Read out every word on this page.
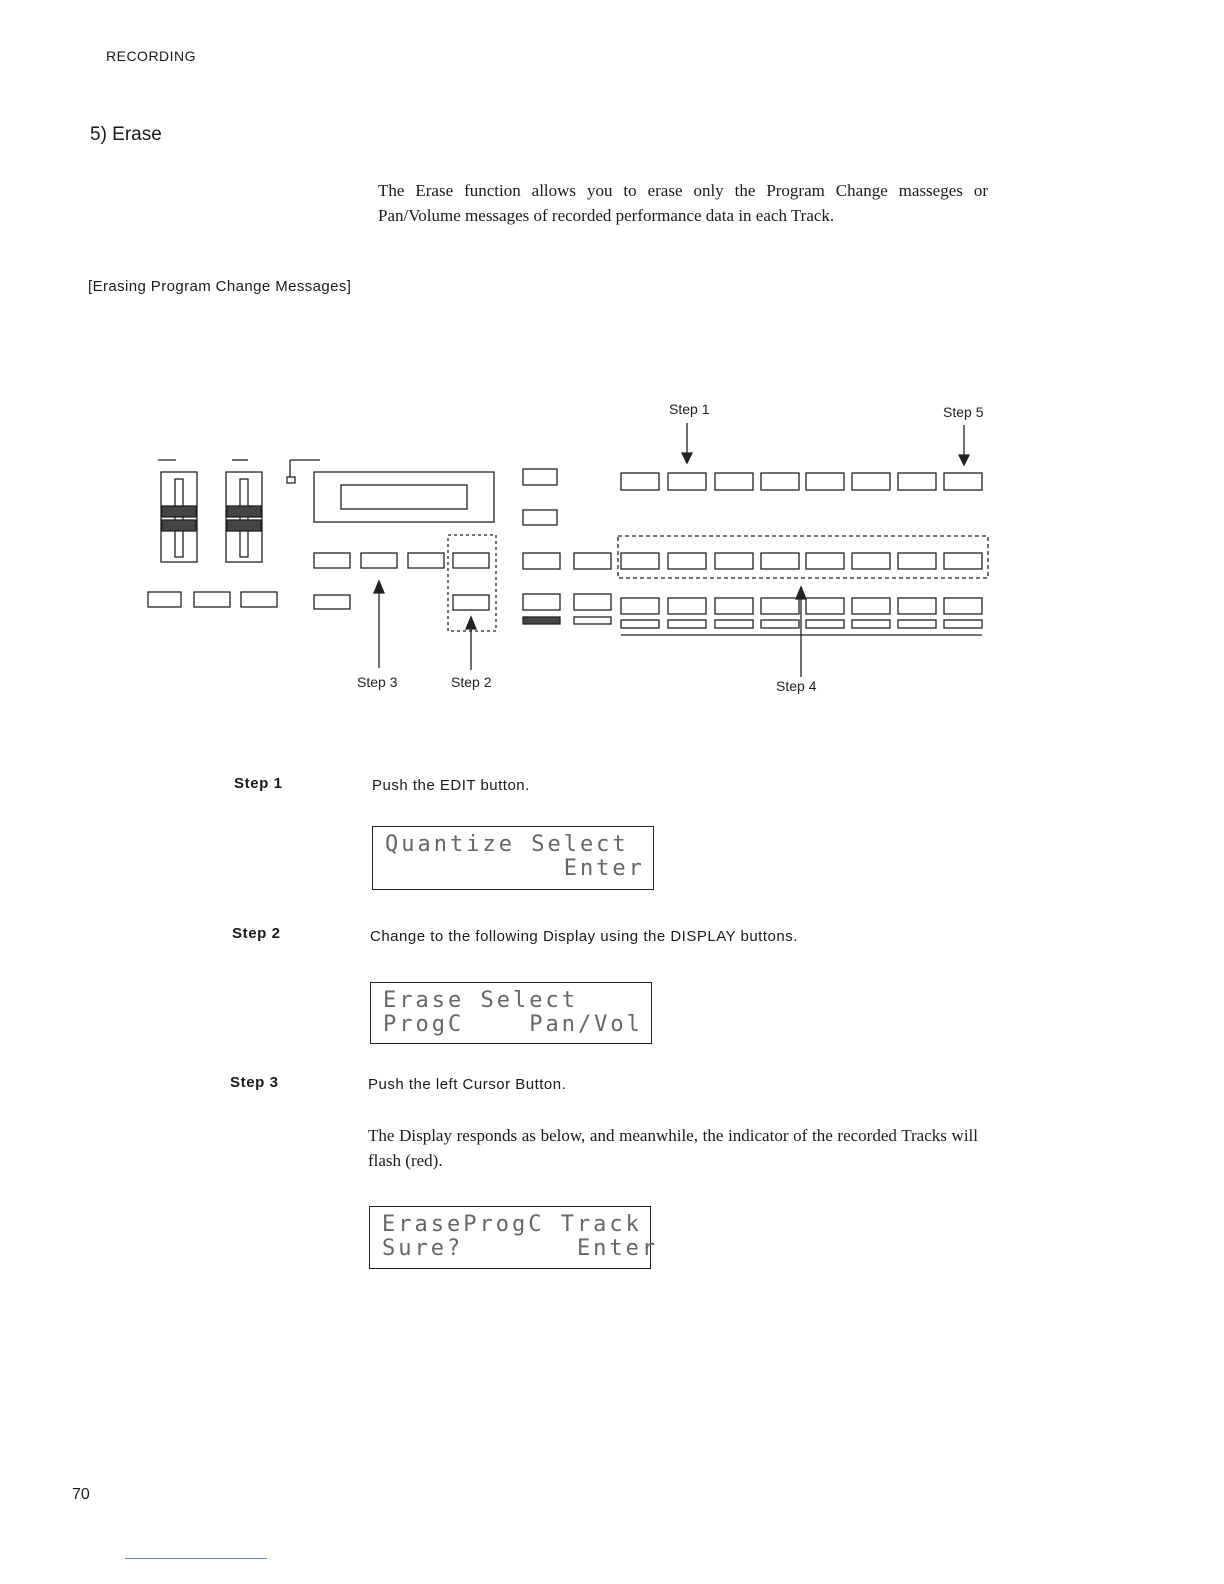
RECORDING
5) Erase
The Erase function allows you to erase only the Program Change masseges or Pan/Volume messages of recorded performance data in each Track.
[Erasing Program Change Messages]
Step 1	Step 5
Step 3	Step 2	Step 4
Step 1	Push the EDIT button.
Quantize Select
Enter
Step 2	Change to the following Display using the DISPLAY buttons.
Erase Select
ProgC    Pan/Vol
Step 3	Push the left Cursor Button.
The Display responds as below, and meanwhile, the indicator of the recorded Tracks will flash (red).
EraseProgC Track
Sure?       Enter
70
